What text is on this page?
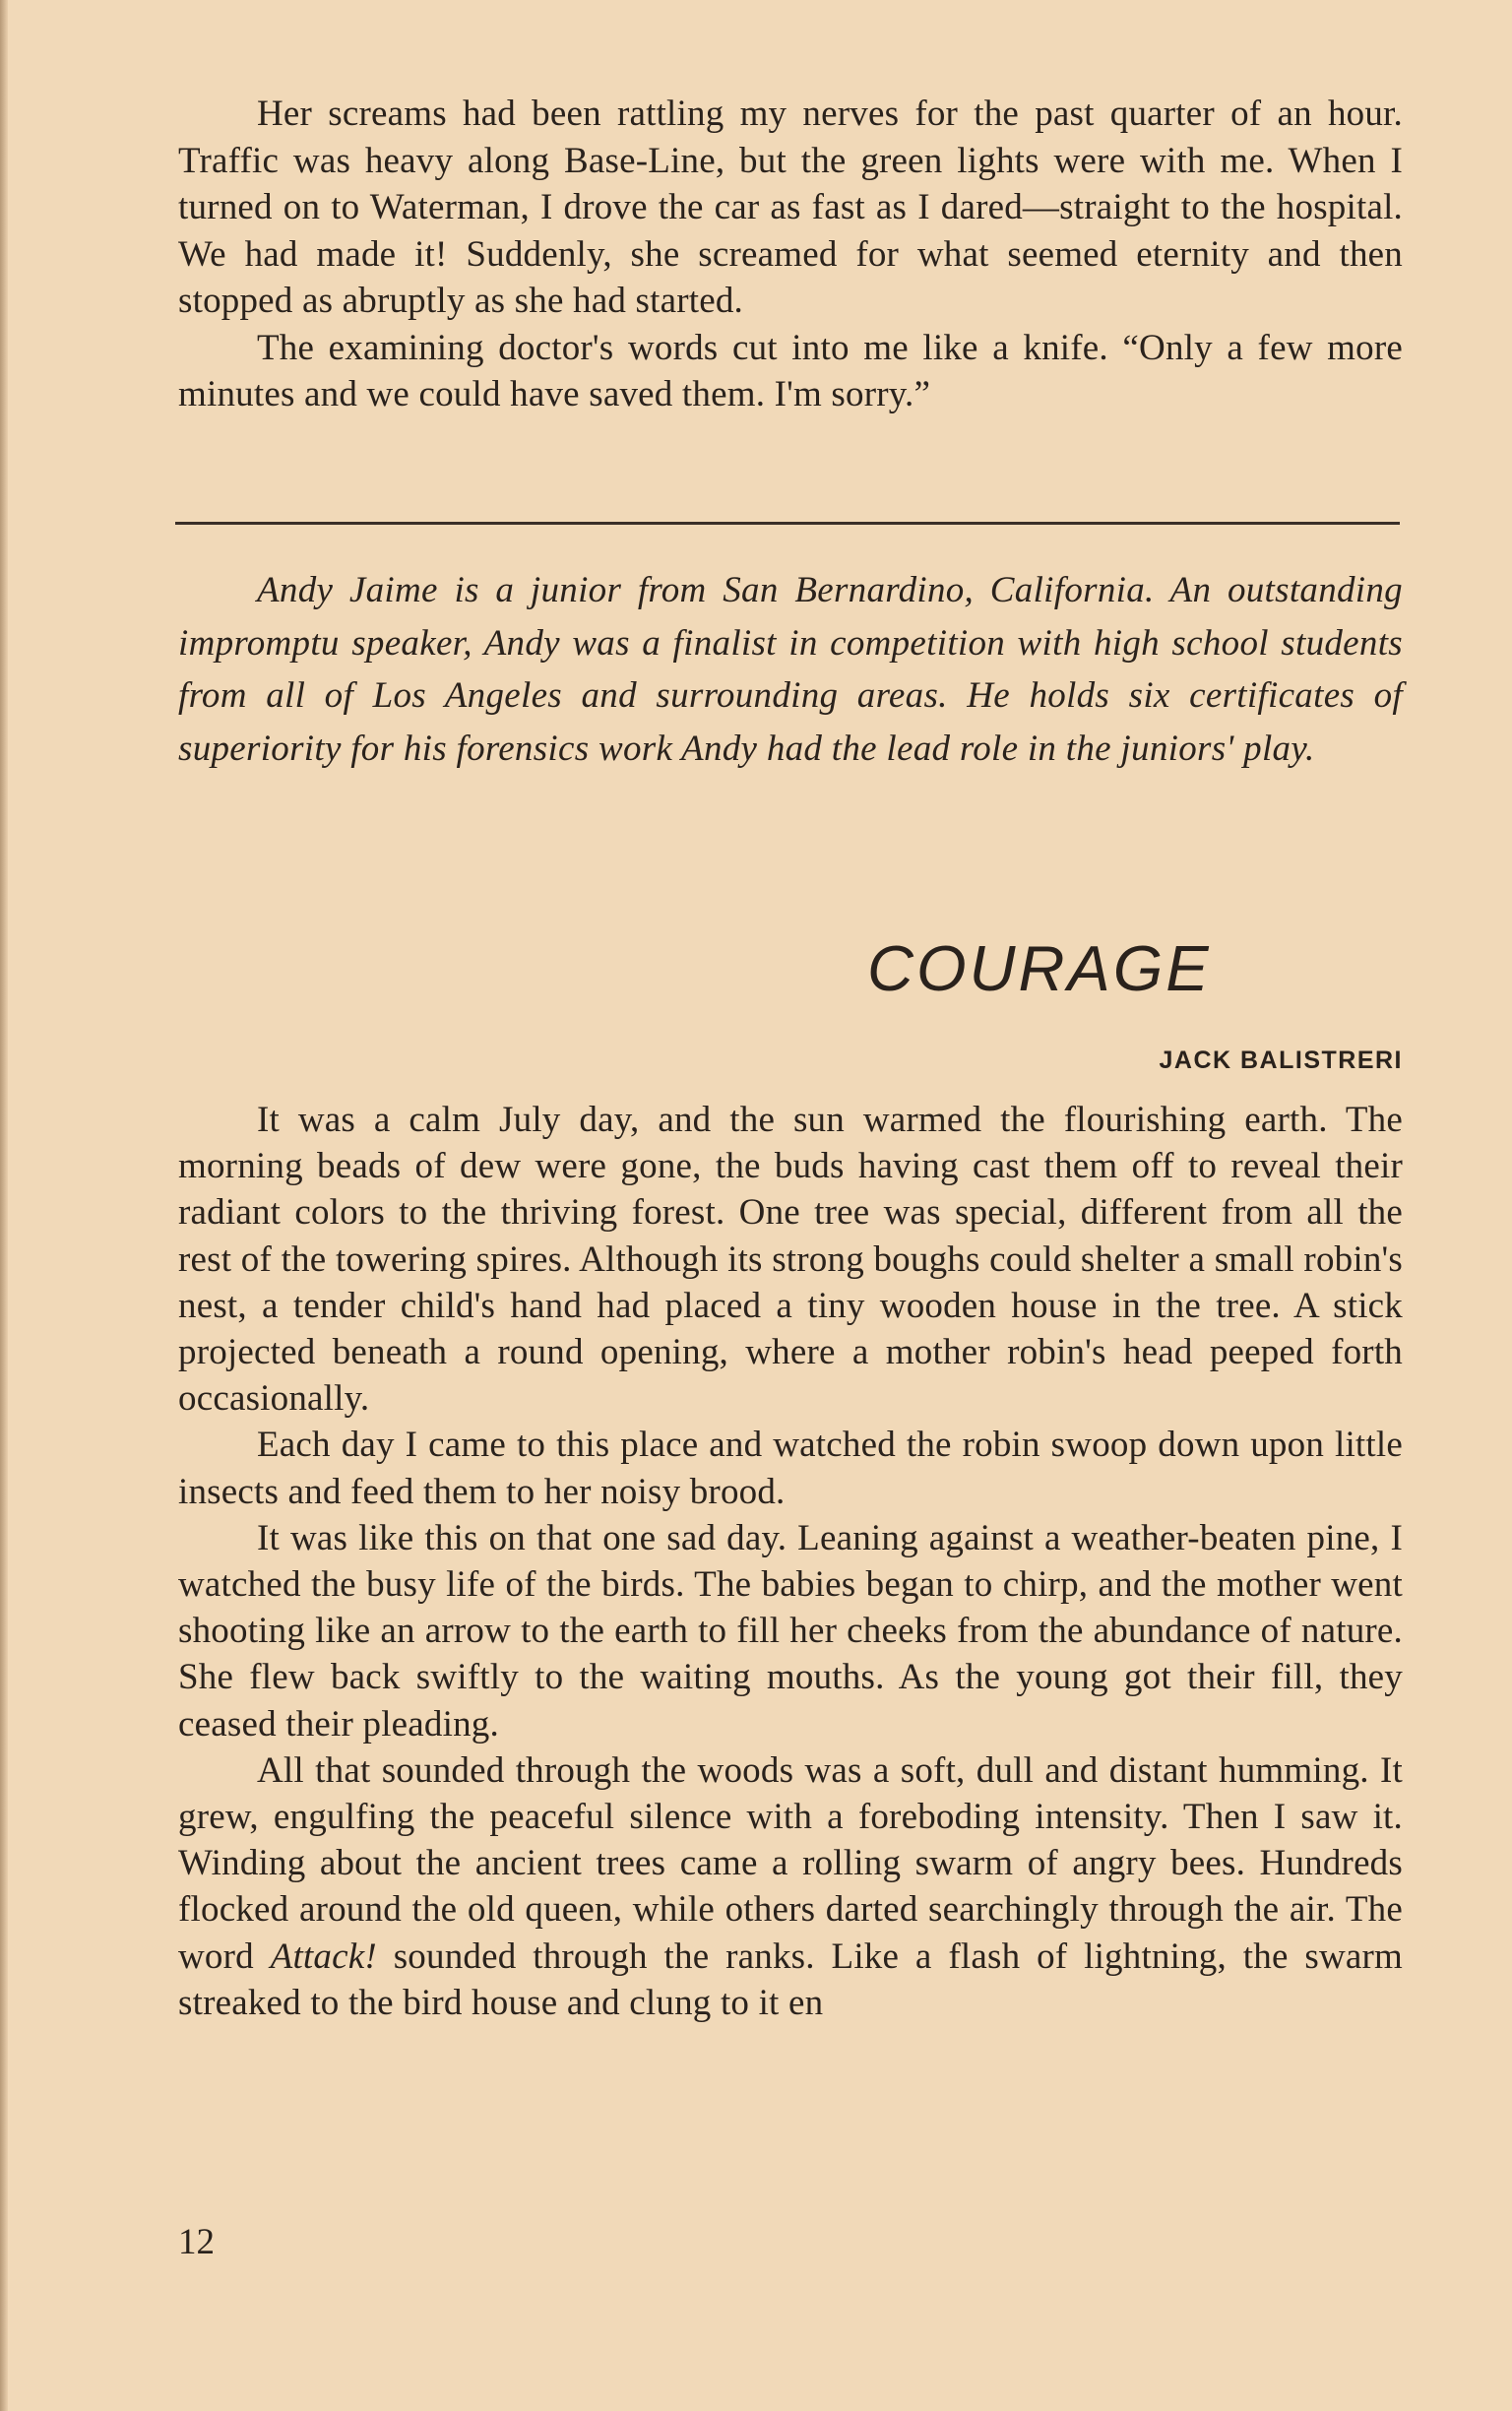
Her screams had been rattling my nerves for the past quarter of an hour. Traffic was heavy along Base-Line, but the green lights were with me. When I turned on to Waterman, I drove the car as fast as I dared—straight to the hospital. We had made it! Suddenly, she screamed for what seemed eternity and then stopped as abruptly as she had started.

The examining doctor's words cut into me like a knife. “Only a few more minutes and we could have saved them. I'm sorry.”

Andy Jaime is a junior from San Bernardino, California. An outstanding impromptu speaker, Andy was a finalist in competition with high school students from all of Los Angeles and surrounding areas. He holds six certificates of superiority for his forensics work Andy had the lead role in the juniors' play.

COURAGE

JACK BALISTRERI

It was a calm July day, and the sun warmed the flourishing earth. The morning beads of dew were gone, the buds having cast them off to reveal their radiant colors to the thriving forest. One tree was special, different from all the rest of the towering spires. Although its strong boughs could shelter a small robin's nest, a tender child's hand had placed a tiny wooden house in the tree. A stick projected beneath a round opening, where a mother robin's head peeped forth occasionally.

Each day I came to this place and watched the robin swoop down upon little insects and feed them to her noisy brood.

It was like this on that one sad day. Leaning against a weather-beaten pine, I watched the busy life of the birds. The babies began to chirp, and the mother went shooting like an arrow to the earth to fill her cheeks from the abundance of nature. She flew back swiftly to the waiting mouths. As the young got their fill, they ceased their pleading.

All that sounded through the woods was a soft, dull and distant humming. It grew, engulfing the peaceful silence with a foreboding intensity. Then I saw it. Winding about the ancient trees came a rolling swarm of angry bees. Hundreds flocked around the old queen, while others darted searchingly through the air. The word Attack! sounded through the ranks. Like a flash of lightning, the swarm streaked to the bird house and clung to it en

12
